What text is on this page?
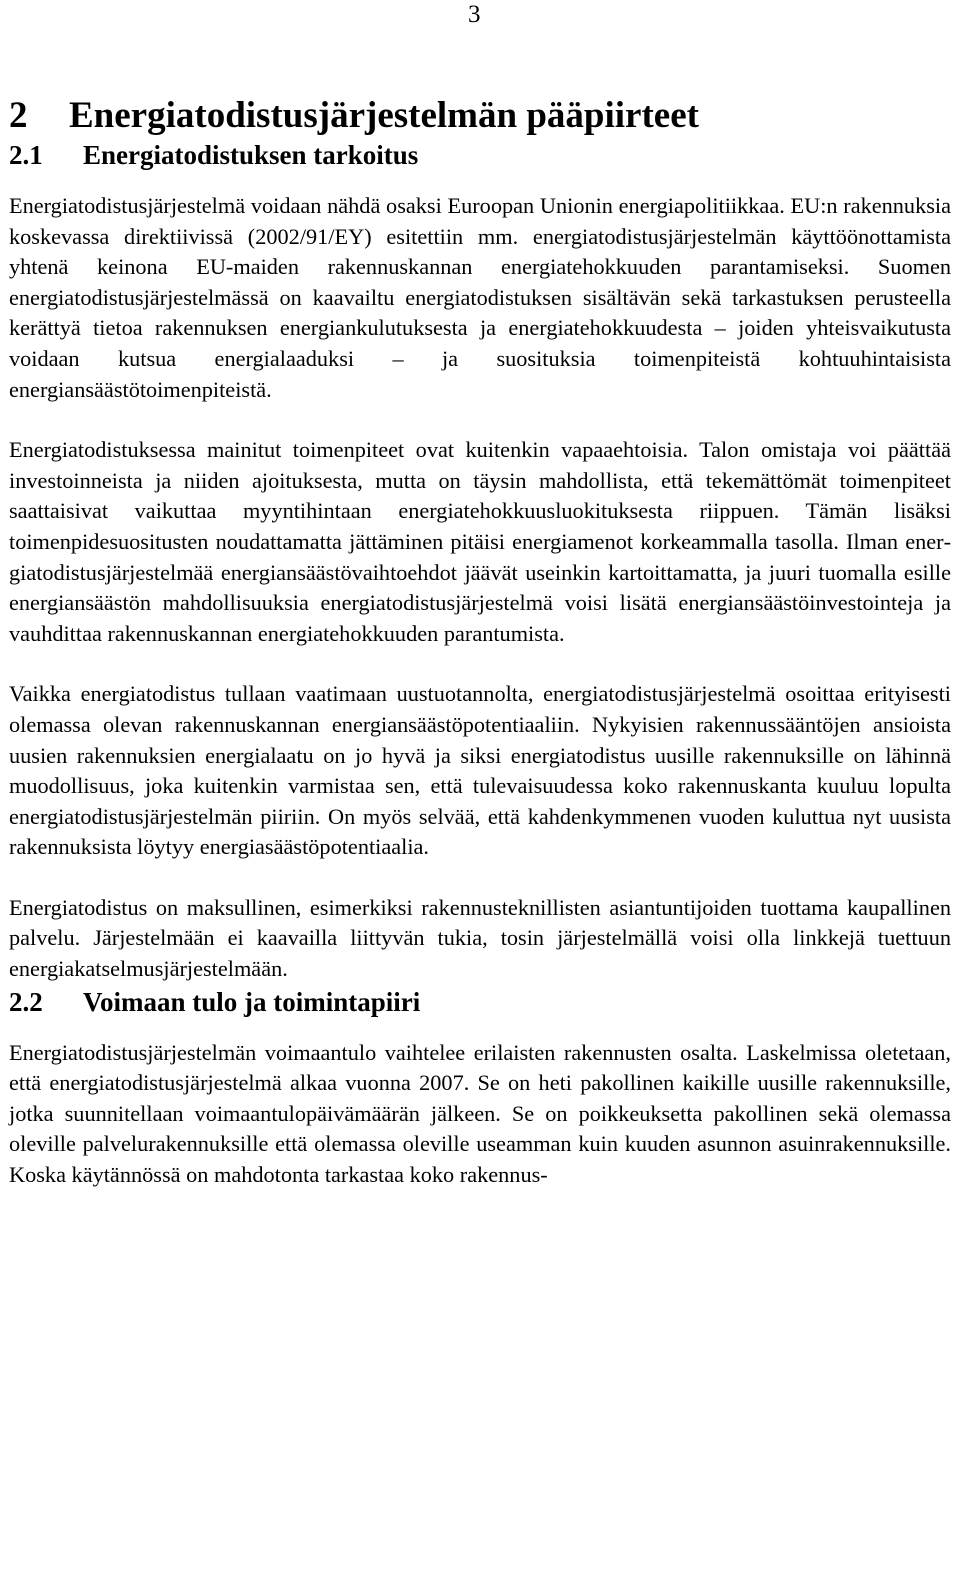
3
2	Energiatodistusjärjestelmän pääpiirteet
2.1	Energiatodistuksen tarkoitus

Energiatodistusjärjestelmä voidaan nähdä osaksi Euroopan Unionin energiapolitiikkaa. EU:n rakennuksia koskevassa direktiivissä (2002/91/EY) esitettiin mm. energiatodistusjärjestelmän käyttöönottamista yhtenä keinona EU-maiden rakennuskannan energiatehokkuuden parantamiseksi. Suomen energiatodistusjärjestelmässä on kaavailtu energiatodistuksen sisältävän sekä tarkastuksen perusteella kerättyä tietoa rakennuksen energiankulutuksesta ja energiatehokkuudesta – joiden yhteisvaikutusta voidaan kutsua energialaaduksi – ja suosituksia toimenpiteistä kohtuuhintaisista energiansäästötoimenpiteistä.

Energiatodistuksessa mainitut toimenpiteet ovat kuitenkin vapaaehtoisia. Talon omistaja voi päättää investoinneista ja niiden ajoituksesta, mutta on täysin mahdollista, että tekemättömät toimenpiteet saattaisivat vaikuttaa myyntihintaan energiatehokkuusluokituksesta riippuen. Tämän lisäksi toimenpidesuositusten noudattamatta jättäminen pitäisi energiamenot korkeammalla tasolla. Ilman energiatodistusjärjestelmää energiansäästövaihtoehdot jäävät useinkin kartoittamatta, ja juuri tuomalla esille energiansäästön mahdollisuuksia energiatodistusjärjestelmä voisi lisätä energiansäästöinvestointeja ja vauhdittaa rakennuskannan energiatehokkuuden parantumista.

Vaikka energiatodistus tullaan vaatimaan uustuotannolta, energiatodistusjärjestelmä osoittaa erityisesti olemassa olevan rakennuskannan energiansäästöpotentiaaliin. Nykyisien rakennussääntöjen ansioista uusien rakennuksien energialaatu on jo hyvä ja siksi energiatodistus uusille rakennuksille on lähinnä muodollisuus, joka kuitenkin varmistaa sen, että tulevaisuudessa koko rakennuskanta kuuluu lopulta energiatodistusjärjestelmän piiriin. On myös selvää, että kahdenkymmenen vuoden kuluttua nyt uusista rakennuksista löytyy energiasäästöpotentiaalia.

Energiatodistus on maksullinen, esimerkiksi rakennusteknillisten asiantuntijoiden tuottama kaupallinen palvelu. Järjestelmään ei kaavailla liittyvän tukia, tosin järjestelmällä voisi olla linkkejä tuettuun energiakatselmusjärjestelmään.

2.2	Voimaan tulo ja toimintapiiri

Energiatodistusjärjestelmän voimaantulo vaihtelee erilaisten rakennusten osalta. Laskelmissa oletetaan, että energiatodistusjärjestelmä alkaa vuonna 2007. Se on heti pakollinen kaikille uusille rakennuksille, jotka suunnitellaan voimaantulopäivämäärän jälkeen. Se on poikkeuksetta pakollinen sekä olemassa oleville palvelurakennuksille että olemassa oleville useamman kuin kuuden asunnon asuinrakennuksille. Koska käytännössä on mahdotonta tarkastaa koko rakennus-
